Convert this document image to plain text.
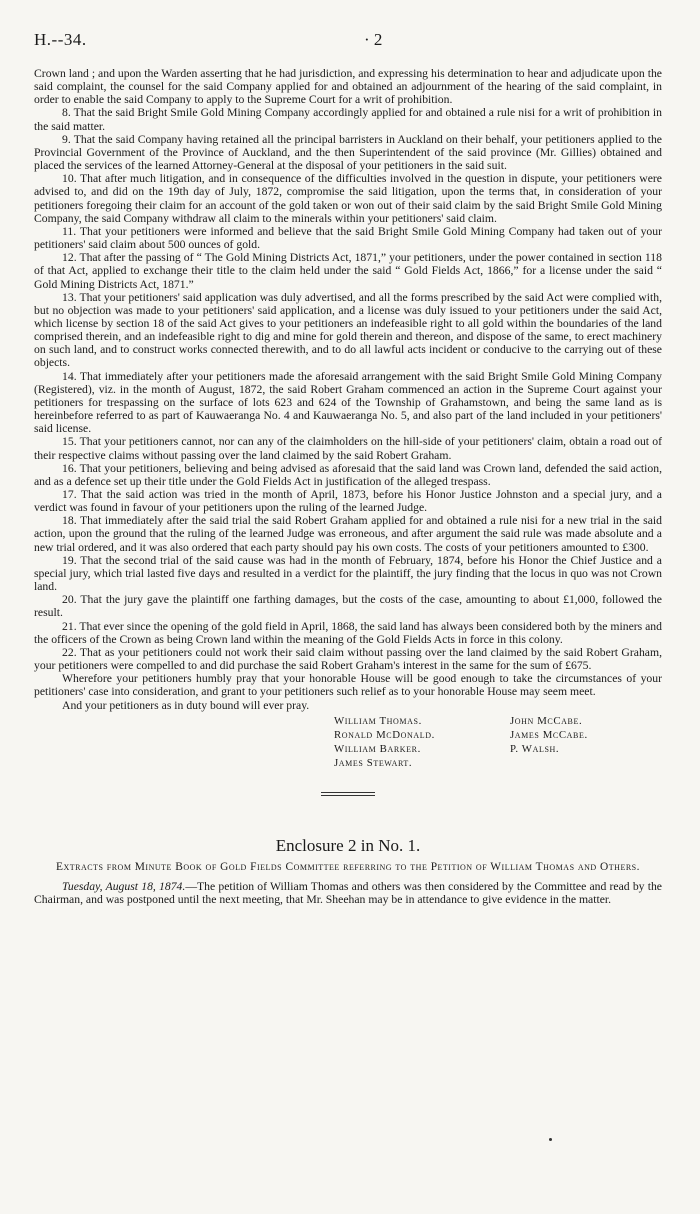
H.--34.	· 2

Crown land ; and upon the Warden asserting that he had jurisdiction, and expressing his determination to hear and adjudicate upon the said complaint, the counsel for the said Company applied for and obtained an adjournment of the hearing of the said complaint, in order to enable the said Company to apply to the Supreme Court for a writ of prohibition.

8. That the said Bright Smile Gold Mining Company accordingly applied for and obtained a rule nisi for a writ of prohibition in the said matter.

9. That the said Company having retained all the principal barristers in Auckland on their behalf, your petitioners applied to the Provincial Government of the Province of Auckland, and the then Superintendent of the said province (Mr. Gillies) obtained and placed the services of the learned Attorney-General at the disposal of your petitioners in the said suit.

10. That after much litigation, and in consequence of the difficulties involved in the question in dispute, your petitioners were advised to, and did on the 19th day of July, 1872, compromise the said litigation, upon the terms that, in consideration of your petitioners foregoing their claim for an account of the gold taken or won out of their said claim by the said Bright Smile Gold Mining Company, the said Company withdraw all claim to the minerals within your petitioners' said claim.

11. That your petitioners were informed and believe that the said Bright Smile Gold Mining Company had taken out of your petitioners' said claim about 500 ounces of gold.

12. That after the passing of “ The Gold Mining Districts Act, 1871,” your petitioners, under the power contained in section 118 of that Act, applied to exchange their title to the claim held under the said “ Gold Fields Act, 1866,” for a license under the said “ Gold Mining Districts Act, 1871.”

13. That your petitioners' said application was duly advertised, and all the forms prescribed by the said Act were complied with, but no objection was made to your petitioners' said application, and a license was duly issued to your petitioners under the said Act, which license by section 18 of the said Act gives to your petitioners an indefeasible right to all gold within the boundaries of the land comprised therein, and an indefeasible right to dig and mine for gold therein and thereon, and dispose of the same, to erect machinery on such land, and to construct works connected therewith, and to do all lawful acts incident or conducive to the carrying out of these objects.

14. That immediately after your petitioners made the aforesaid arrangement with the said Bright Smile Gold Mining Company (Registered), viz. in the month of August, 1872, the said Robert Graham commenced an action in the Supreme Court against your petitioners for trespassing on the surface of lots 623 and 624 of the Township of Grahamstown, and being the same land as is hereinbefore referred to as part of Kauwaeranga No. 4 and Kauwaeranga No. 5, and also part of the land included in your petitioners' said license.

15. That your petitioners cannot, nor can any of the claimholders on the hill-side of your petitioners' claim, obtain a road out of their respective claims without passing over the land claimed by the said Robert Graham.

16. That your petitioners, believing and being advised as aforesaid that the said land was Crown land, defended the said action, and as a defence set up their title under the Gold Fields Act in justification of the alleged trespass.

17. That the said action was tried in the month of April, 1873, before his Honor Justice Johnston and a special jury, and a verdict was found in favour of your petitioners upon the ruling of the learned Judge.

18. That immediately after the said trial the said Robert Graham applied for and obtained a rule nisi for a new trial in the said action, upon the ground that the ruling of the learned Judge was erroneous, and after argument the said rule was made absolute and a new trial ordered, and it was also ordered that each party should pay his own costs. The costs of your petitioners amounted to £300.

19. That the second trial of the said cause was had in the month of February, 1874, before his Honor the Chief Justice and a special jury, which trial lasted five days and resulted in a verdict for the plaintiff, the jury finding that the locus in quo was not Crown land.

20. That the jury gave the plaintiff one farthing damages, but the costs of the case, amounting to about £1,000, followed the result.

21. That ever since the opening of the gold field in April, 1868, the said land has always been considered both by the miners and the officers of the Crown as being Crown land within the meaning of the Gold Fields Acts in force in this colony.

22. That as your petitioners could not work their said claim without passing over the land claimed by the said Robert Graham, your petitioners were compelled to and did purchase the said Robert Graham's interest in the same for the sum of £675.

Wherefore your petitioners humbly pray that your honorable House will be good enough to take the circumstances of your petitioners' case into consideration, and grant to your petitioners such relief as to your honorable House may seem meet.

And your petitioners as in duty bound will ever pray.

William Thomas.
Ronald McDonald.
William Barker.
James Stewart.
John McCabe.
James McCabe.
P. Walsh.
Enclosure 2 in No. 1.
Extracts from Minute Book of Gold Fields Committee referring to the Petition of William Thomas and Others.

Tuesday, August 18, 1874.—The petition of William Thomas and others was then considered by the Committee and read by the Chairman, and was postponed until the next meeting, that Mr. Sheehan may be in attendance to give evidence in the matter.
